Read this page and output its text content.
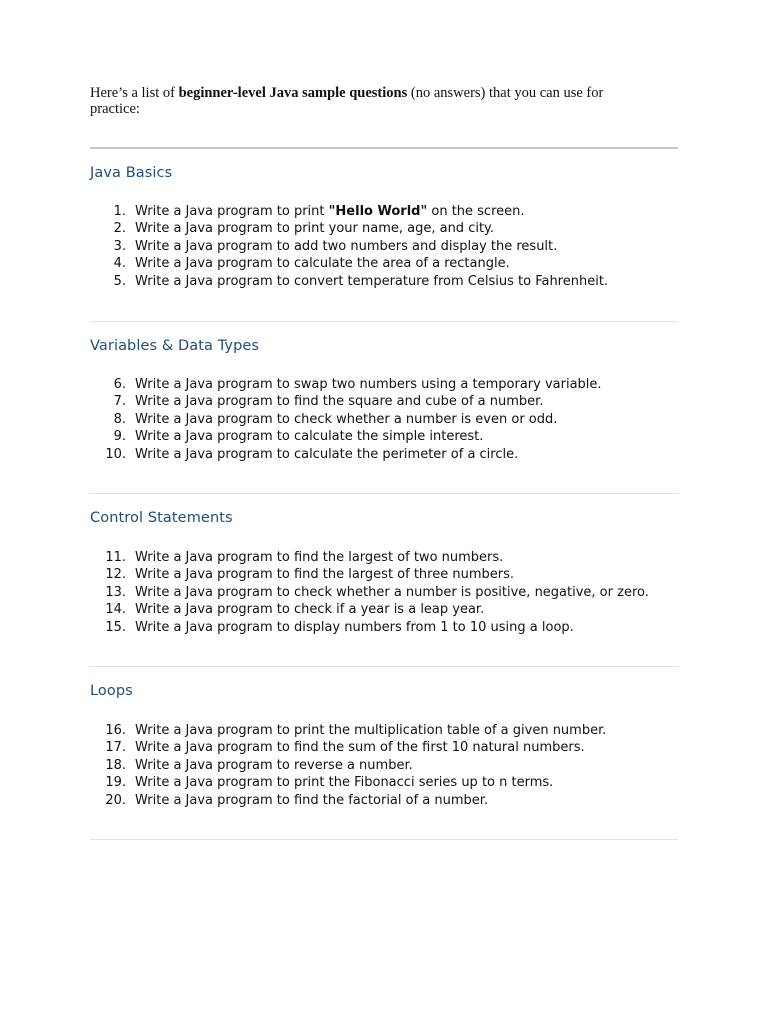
Here’s a list of beginner-level Java sample questions (no answers) that you can use for practice:
Java Basics
1. Write a Java program to print "Hello World" on the screen.
2. Write a Java program to print your name, age, and city.
3. Write a Java program to add two numbers and display the result.
4. Write a Java program to calculate the area of a rectangle.
5. Write a Java program to convert temperature from Celsius to Fahrenheit.
Variables & Data Types
6. Write a Java program to swap two numbers using a temporary variable.
7. Write a Java program to find the square and cube of a number.
8. Write a Java program to check whether a number is even or odd.
9. Write a Java program to calculate the simple interest.
10. Write a Java program to calculate the perimeter of a circle.
Control Statements
11. Write a Java program to find the largest of two numbers.
12. Write a Java program to find the largest of three numbers.
13. Write a Java program to check whether a number is positive, negative, or zero.
14. Write a Java program to check if a year is a leap year.
15. Write a Java program to display numbers from 1 to 10 using a loop.
Loops
16. Write a Java program to print the multiplication table of a given number.
17. Write a Java program to find the sum of the first 10 natural numbers.
18. Write a Java program to reverse a number.
19. Write a Java program to print the Fibonacci series up to n terms.
20. Write a Java program to find the factorial of a number.
